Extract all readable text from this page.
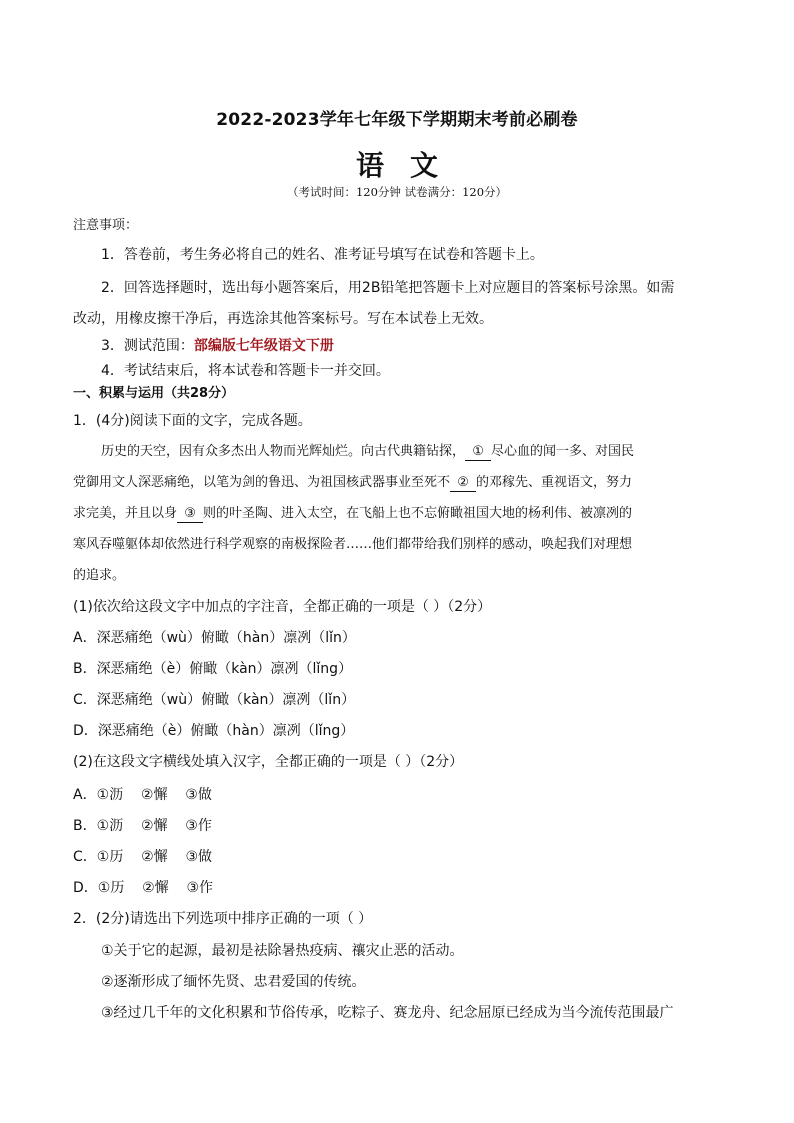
2022-2023学年七年级下学期期末考前必刷卷
语文
（考试时间：120分钟 试卷满分：120分）
注意事项：
1．答卷前，考生务必将自己的姓名、准考证号填写在试卷和答题卡上。
2．回答选择题时，选出每小题答案后，用2B铅笔把答题卡上对应题目的答案标号涂黑。如需
改动，用橡皮擦干净后，再选涂其他答案标号。写在本试卷上无效。
3．测试范围：部编版七年级语文下册
4．考试结束后，将本试卷和答题卡一并交回。
一、积累与运用（共28分）
1．(4分)阅读下面的文字，完成各题。
历史的天空，因有众多杰出人物而光辉灿烂。向古代典籍钻探， ① 尽心血的闻一多、对国民
党御用文人深恶痛绝，以笔为剑的鲁迅、为祖国核武器事业至死不 ② 的邓稼先、重视语文，努力
求完美，并且以身 ③ 则的叶圣陶、进入太空，在飞船上也不忘俯瞰祖国大地的杨利伟、被凛冽的
寒风吞噬躯体却依然进行科学观察的南极探险者……他们都带给我们别样的感动，唤起我们对理想
的追求。
(1)依次给这段文字中加点的字注音，全都正确的一项是（ ）（2分）
A．深恶痛绝（wù）俯瞰（hàn）凛冽（lǐn）
B．深恶痛绝（è）俯瞰（kàn）凛冽（lǐng）
C．深恶痛绝（wù）俯瞰（kàn）凛冽（lǐn）
D．深恶痛绝（è）俯瞰（hàn）凛冽（lǐng）
(2)在这段文字横线处填入汉字，全都正确的一项是（ ）（2分）
A．①沥    ②懈    ③做
B．①沥    ②懈    ③作
C．①历    ②懈    ③做
D．①历    ②懈    ③作
2．(2分)请选出下列选项中排序正确的一项（ ）
①关于它的起源，最初是祛除暑热疫病、禳灾止恶的活动。
②逐渐形成了缅怀先贤、忠君爱国的传统。
③经过几千年的文化积累和节俗传承，吃粽子、赛龙舟、纪念屈原已经成为当今流传范围最广
